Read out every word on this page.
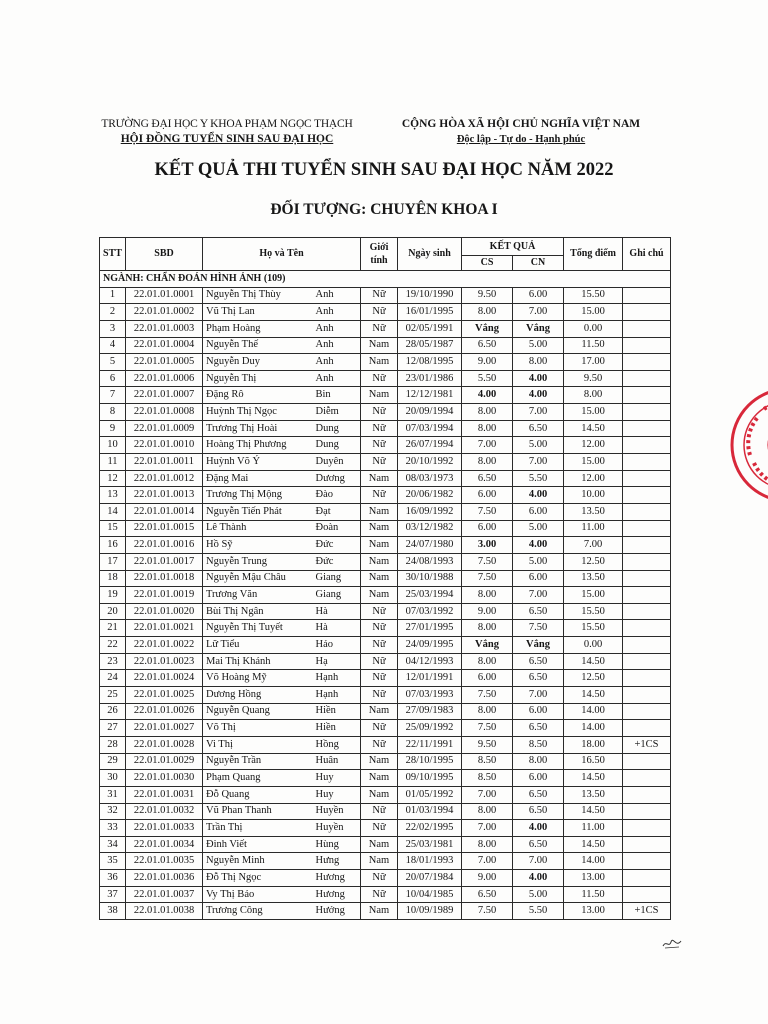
TRƯỜNG ĐẠI HỌC Y KHOA PHẠM NGỌC THẠCH
HỘI ĐỒNG TUYỂN SINH SAU ĐẠI HỌC
CỘNG HÒA XÃ HỘI CHỦ NGHĨA VIỆT NAM
Độc lập - Tự do - Hạnh phúc
KẾT QUẢ THI TUYỂN SINH SAU ĐẠI HỌC NĂM 2022
ĐỐI TƯỢNG: CHUYÊN KHOA I
STT	SBD	Họ và Tên		Giới tính	Ngày sinh	KẾT QUẢ		Tổng điểm	Ghi chú
						CS	CN		
NGÀNH: CHẨN ĐOÁN HÌNH ẢNH (109)									
1	22.01.01.0001	Nguyễn Thị Thùy	Anh	Nữ	19/10/1990	9.50	6.00	15.50	
2	22.01.01.0002	Vũ Thị Lan	Anh	Nữ	16/01/1995	8.00	7.00	15.00	
3	22.01.01.0003	Phạm Hoàng	Anh	Nữ	02/05/1991	Vắng	Vắng	0.00	
4	22.01.01.0004	Nguyễn Thế	Anh	Nam	28/05/1987	6.50	5.00	11.50	
5	22.01.01.0005	Nguyễn Duy	Anh	Nam	12/08/1995	9.00	8.00	17.00	
6	22.01.01.0006	Nguyễn Thị	Anh	Nữ	23/01/1986	5.50	4.00	9.50	
7	22.01.01.0007	Đặng Rô	Bin	Nam	12/12/1981	4.00	4.00	8.00	
8	22.01.01.0008	Huỳnh Thị Ngọc	Diễm	Nữ	20/09/1994	8.00	7.00	15.00	
9	22.01.01.0009	Trương Thị Hoài	Dung	Nữ	07/03/1994	8.00	6.50	14.50	
10	22.01.01.0010	Hoàng Thị Phương	Dung	Nữ	26/07/1994	7.00	5.00	12.00	
11	22.01.01.0011	Huỳnh Võ Ý	Duyên	Nữ	20/10/1992	8.00	7.00	15.00	
12	22.01.01.0012	Đặng Mai	Dương	Nam	08/03/1973	6.50	5.50	12.00	
13	22.01.01.0013	Trương Thị Mộng	Đào	Nữ	20/06/1982	6.00	4.00	10.00	
14	22.01.01.0014	Nguyễn Tiến Phát	Đạt	Nam	16/09/1992	7.50	6.00	13.50	
15	22.01.01.0015	Lê Thành	Đoàn	Nam	03/12/1982	6.00	5.00	11.00	
16	22.01.01.0016	Hồ Sỹ	Đức	Nam	24/07/1980	3.00	4.00	7.00	
17	22.01.01.0017	Nguyễn Trung	Đức	Nam	24/08/1993	7.50	5.00	12.50	
18	22.01.01.0018	Nguyễn Mậu Châu	Giang	Nam	30/10/1988	7.50	6.00	13.50	
19	22.01.01.0019	Trương Văn	Giang	Nam	25/03/1994	8.00	7.00	15.00	
20	22.01.01.0020	Bùi Thị Ngân	Hà	Nữ	07/03/1992	9.00	6.50	15.50	
21	22.01.01.0021	Nguyễn Thị Tuyết	Hà	Nữ	27/01/1995	8.00	7.50	15.50	
22	22.01.01.0022	Lữ Tiểu	Hảo	Nữ	24/09/1995	Vắng	Vắng	0.00	
23	22.01.01.0023	Mai Thị Khánh	Hạ	Nữ	04/12/1993	8.00	6.50	14.50	
24	22.01.01.0024	Võ Hoàng Mỹ	Hạnh	Nữ	12/01/1991	6.00	6.50	12.50	
25	22.01.01.0025	Dương Hồng	Hạnh	Nữ	07/03/1993	7.50	7.00	14.50	
26	22.01.01.0026	Nguyễn Quang	Hiền	Nam	27/09/1983	8.00	6.00	14.00	
27	22.01.01.0027	Võ Thị	Hiền	Nữ	25/09/1992	7.50	6.50	14.00	
28	22.01.01.0028	Vi Thị	Hồng	Nữ	22/11/1991	9.50	8.50	18.00	+1CS
29	22.01.01.0029	Nguyễn Trần	Huân	Nam	28/10/1995	8.50	8.00	16.50	
30	22.01.01.0030	Phạm Quang	Huy	Nam	09/10/1995	8.50	6.00	14.50	
31	22.01.01.0031	Đỗ Quang	Huy	Nam	01/05/1992	7.00	6.50	13.50	
32	22.01.01.0032	Vũ Phan Thanh	Huyền	Nữ	01/03/1994	8.00	6.50	14.50	
33	22.01.01.0033	Trần Thị	Huyền	Nữ	22/02/1995	7.00	4.00	11.00	
34	22.01.01.0034	Đinh Viết	Hùng	Nam	25/03/1981	8.00	6.50	14.50	
35	22.01.01.0035	Nguyễn Minh	Hưng	Nam	18/01/1993	7.00	7.00	14.00	
36	22.01.01.0036	Đỗ Thị Ngọc	Hương	Nữ	20/07/1984	9.00	4.00	13.00	
37	22.01.01.0037	Vy Thị Bảo	Hương	Nữ	10/04/1985	6.50	5.00	11.50	
38	22.01.01.0038	Trương Công	Hưởng	Nam	10/09/1989	7.50	5.50	13.00	+1CS
